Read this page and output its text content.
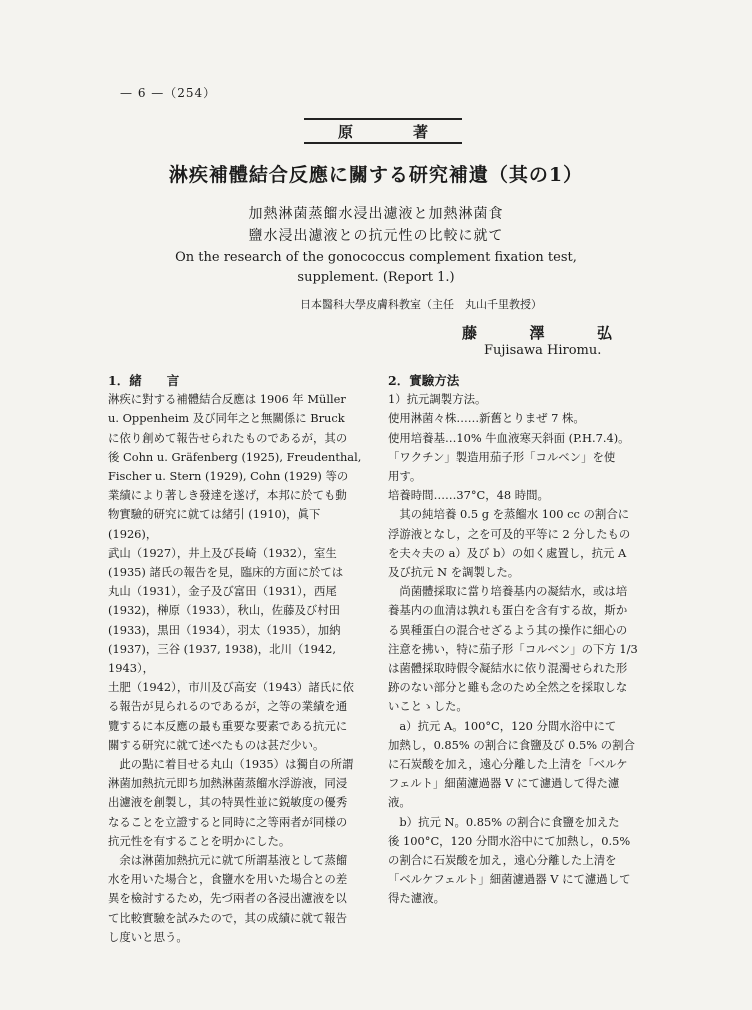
— 6 —（254）
原	著
淋疾補體結合反應に關する研究補遺（其の1）
加熱淋菌蒸餾水浸出濾液と加熱淋菌食
鹽水浸出濾液との抗元性の比較に就て
On the research of the gonococcus complement fixation test,
supplement. (Report 1.)
日本醫科大學皮膚科教室（主任　丸山千里教授）
藤	澤	弘
Fujisawa Hiromu.
1．緒　　言

淋疾に對する補體結合反應は 1906 年 Müller
u. Oppenheim 及び同年之と無關係に Bruck
に依り創めて報告せられたものであるが，其の
後 Cohn u. Gräfenberg (1925), Freudenthal,
Fischer u. Stern (1929), Cohn (1929) 等の
業績により著しき發達を遂げ，本邦に於ても動
物實驗的研究に就ては緒引 (1910)，眞下 (1926)，
武山（1927），井上及び長崎（1932），室生
(1935) 諸氏の報告を見，臨床的方面に於ては
丸山（1931），金子及び富田（1931），西尾
(1932)，榊原（1933），秋山，佐藤及び村田
(1933)，黒田（1934），羽太（1935），加納
(1937)，三谷 (1937, 1938)，北川（1942, 1943），
土肥（1942），市川及び高安（1943）諸氏に依
る報告が見られるのであるが，之等の業績を通
覽するに本反應の最も重要な要素である抗元に
關する研究に就て述べたものは甚だ少い。

　此の點に着目せる丸山（1935）は獨自の所謂
淋菌加熱抗元即ち加熱淋菌蒸餾水浮游液，同浸
出濾液を創製し，其の特異性並に鋭敏度の優秀
なることを立證すると同時に之等兩者が同様の
抗元性を有することを明かにした。

　余は淋菌加熱抗元に就て所謂基液として蒸餾
水を用いた場合と，食鹽水を用いた場合との差
異を檢討するため，先づ兩者の各浸出濾液を以
て比較實驗を試みたので，其の成績に就て報告
し度いと思う。

2．實驗方法

1）抗元調製方法。
使用淋菌々株……新舊とりまぜ 7 株。
使用培養基…10% 牛血液寒天斜面 (P.H.7.4)。
「ワクチン」製造用茄子形「コルベン」を使
用す。
培養時間……37°C，48 時間。

　其の純培養 0.5 g を蒸餾水 100 cc の割合に
浮游液となし，之を可及的平等に 2 分したもの
を夫々夫の a）及び b）の如く處置し，抗元 A
及び抗元 N を調製した。

　尚菌體採取に當り培養基内の凝結水，或は培
養基内の血清は孰れも蛋白を含有する故，斯か
る異種蛋白の混合せざるよう其の操作に細心の
注意を拂い，特に茄子形「コルベン」の下方 1/3
は菌體採取時假令凝結水に依り混濁せられた形
跡のない部分と雖も念のため全然之を採取しな
いことゝした。

　a）抗元 A。100°C，120 分間水浴中にて
加熱し，0.85% の割合に食鹽及び 0.5% の割合
に石炭酸を加え，遠心分離した上清を「ベルケ
フェルト」細菌濾過器 V にて濾過して得た濾
液。

　b）抗元 N。0.85% の割合に食鹽を加えた
後 100°C，120 分間水浴中にて加熱し，0.5%
の割合に石炭酸を加え，遠心分離した上清を
「ベルケフェルト」細菌濾過器 V にて濾過して
得た濾液。
